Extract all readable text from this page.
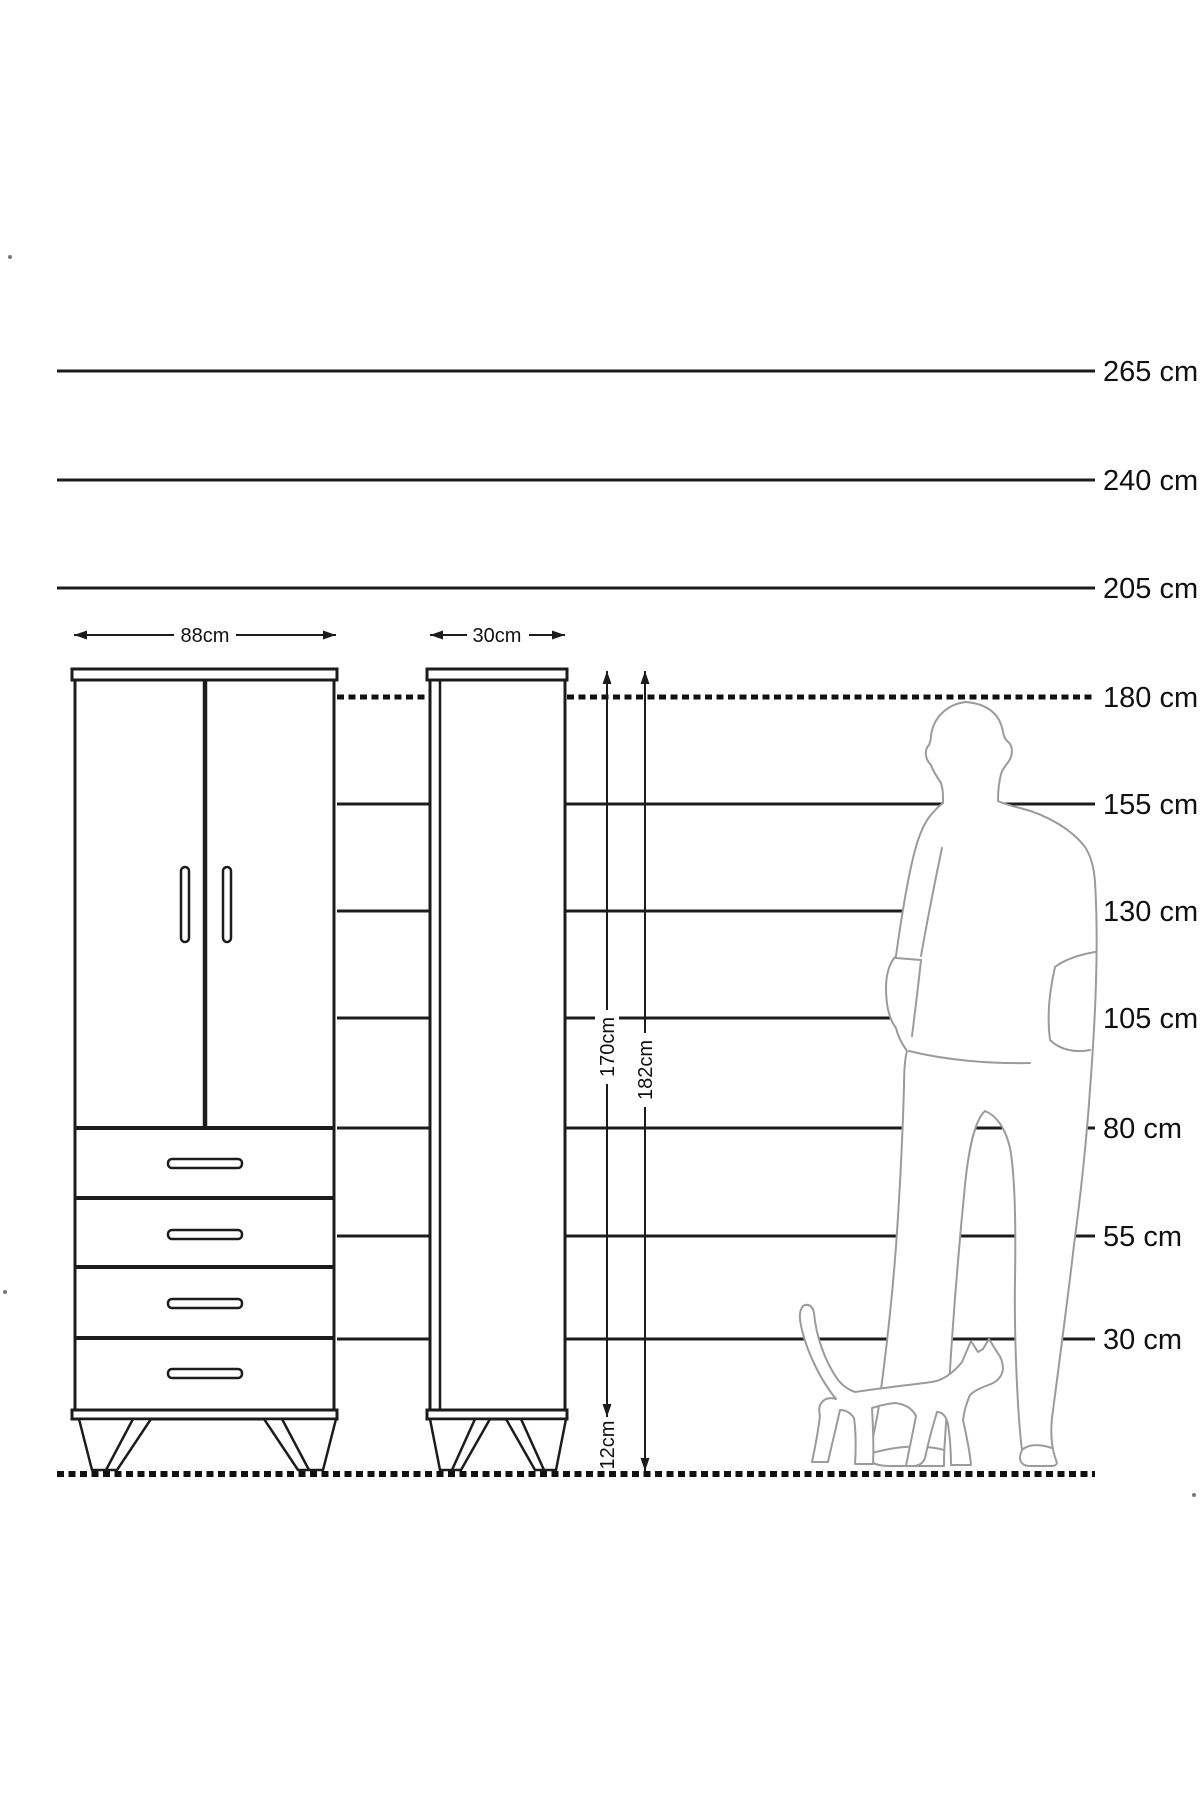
265 cm
240 cm
205 cm
180 cm
155 cm
130 cm
105 cm
80 cm
55 cm
30 cm
88cm	30cm
170cm 182cm
12cm
